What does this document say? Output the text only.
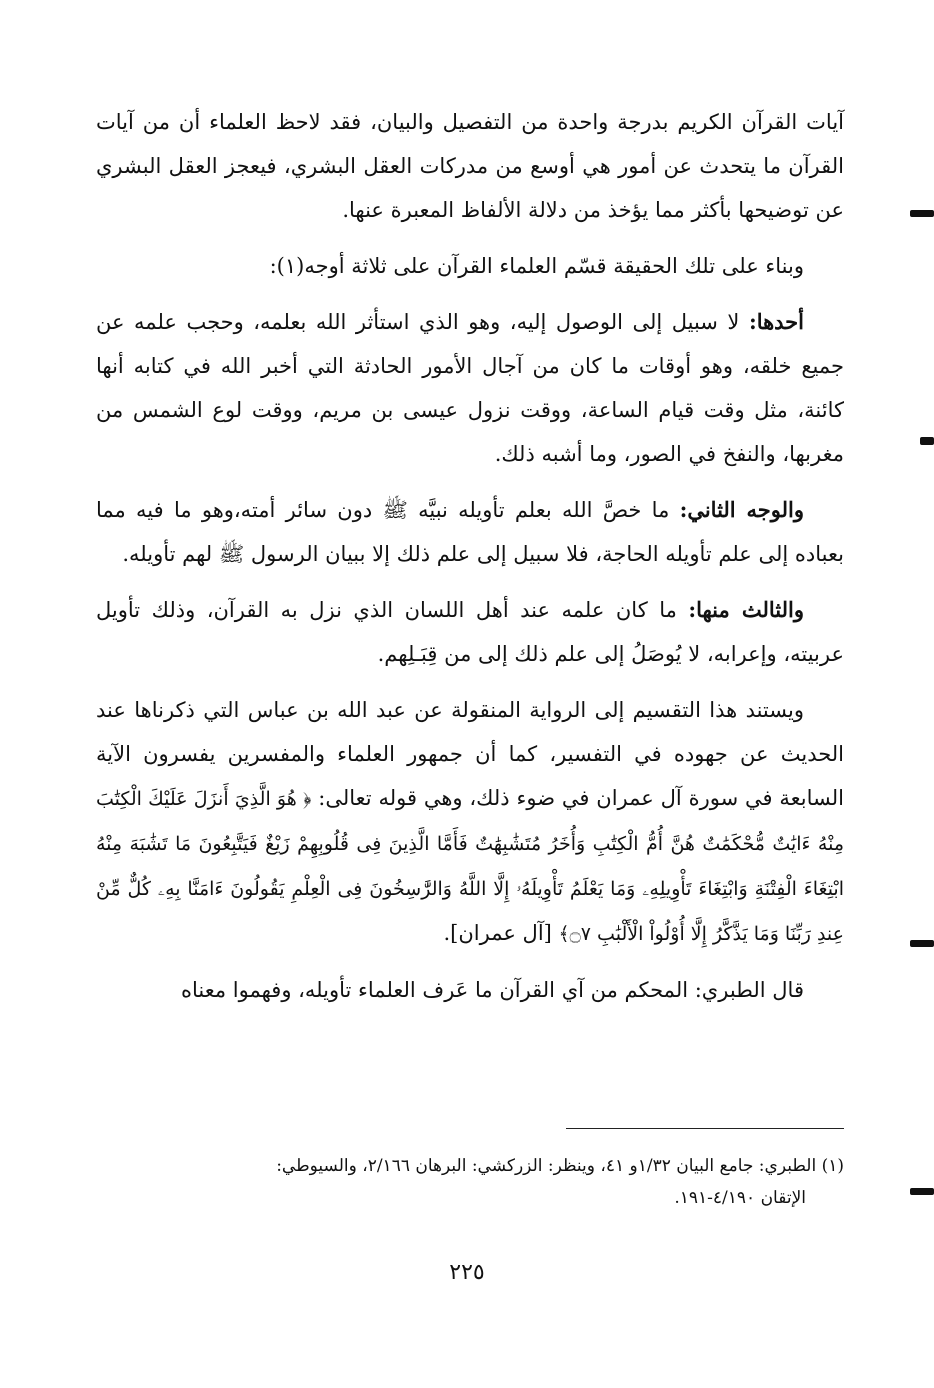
آيات القرآن الكريم بدرجة واحدة من التفصيل والبيان، فقد لاحظ العلماء أن من آيات القرآن ما يتحدث عن أمور هي أوسع من مدركات العقل البشري، فيعجز العقل البشري عن توضيحها بأكثر مما يؤخذ من دلالة الألفاظ المعبرة عنها.

وبناء على تلك الحقيقة قسّم العلماء القرآن على ثلاثة أوجه(١):

أحدها: لا سبيل إلى الوصول إليه، وهو الذي استأثر الله بعلمه، وحجب علمه عن جميع خلقه، وهو أوقات ما كان من آجال الأمور الحادثة التي أخبر الله في كتابه أنها كائنة، مثل وقت قيام الساعة، ووقت نزول عيسى بن مريم، ووقت لوع الشمس من مغربها، والنفخ في الصور، وما أشبه ذلك.

والوجه الثاني: ما خصَّ الله بعلم تأويله نبيَّه ﷺ دون سائر أمته،وهو ما فيه مما بعباده إلى علم تأويله الحاجة، فلا سبيل إلى علم ذلك إلا ببيان الرسول ﷺ لهم تأويله.

والثالث منها: ما كان علمه عند أهل اللسان الذي نزل به القرآن، وذلك تأويل عربيته، وإعرابه، لا يُوصَلُ إلى علم ذلك إلى من قِبَـلِهم.

ويستند هذا التقسيم إلى الرواية المنقولة عن عبد الله بن عباس التي ذكرناها عند الحديث عن جهوده في التفسير، كما أن جمهور العلماء والمفسرين يفسرون الآية السابعة في سورة آل عمران في ضوء ذلك، وهي قوله تعالى: ﴿ هُوَ الَّذِيَ أَنزَلَ عَلَيْكَ الْكِتَٰبَ مِنْهُ ءَايَٰتٌ مُّحْكَمَٰتٌ هُنَّ أُمُّ الْكِتَٰبِ وَأُخَرُ مُتَشَٰبِهَٰتٌ فَأَمَّا الَّذِينَ فِى قُلُوبِهِمْ زَيْغٌ فَيَتَّبِعُونَ مَا تَشَٰبَهَ مِنْهُ ابْتِغَاءَ الْفِتْنَةِ وَابْتِغَاءَ تَأْوِيلِهِۦ وَمَا يَعْلَمُ تَأْوِيلَهُۥ إِلَّا اللَّهُ وَالرَّٰسِخُونَ فِى الْعِلْمِ يَقُولُونَ ءَامَنَّا بِهِۦ كُلٌّ مِّنْ عِندِ رَبِّنَا وَمَا يَذَّكَّرُ إِلَّا أُوْلُواْ الْأَلْبَٰبِ ۝٧﴾ [آل عمران].

قال الطبري: المحكم من آي القرآن ما عَرف العلماء تأويله، وفهموا معناه

(١) الطبري: جامع البيان ١/٣٢و ٤١، وينظر: الزركشي: البرهان ٢/١٦٦، والسيوطي:

الإتقان ٤/١٩٠-١٩١.

٢٢٥
